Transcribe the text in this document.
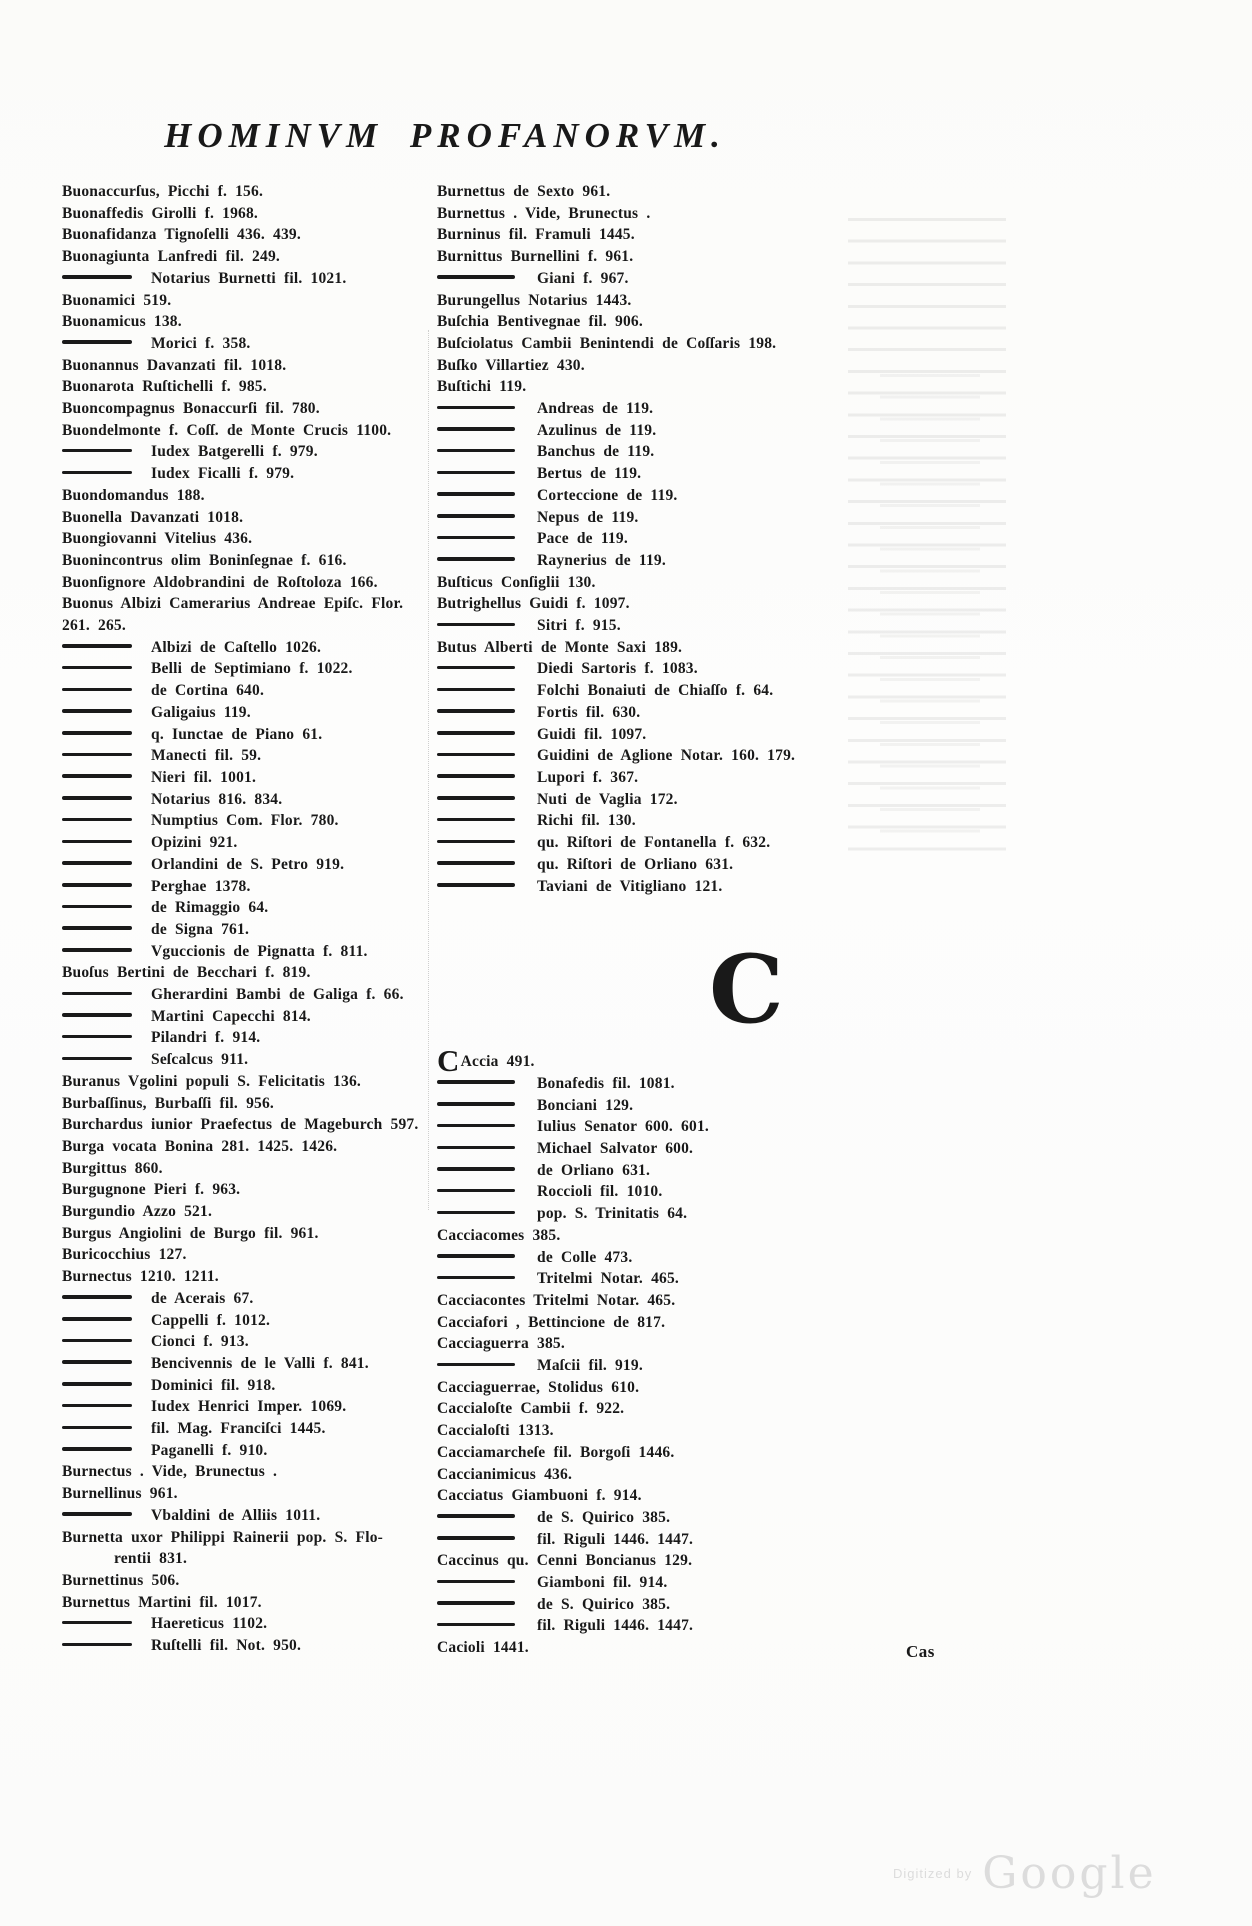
HOMINVM PROFANORVM.
Buonaccurſus, Picchi f. 156.
Buonaffedis Girolli f. 1968.
Buonafidanza Tignoſelli 436. 439.
Buonagiunta Lanfredi fil. 249.
Notarius Burnetti fil. 1021.
Buonamici 519.
Buonamicus 138.
Morici f. 358.
Buonannus Davanzati fil. 1018.
Buonarota Ruſtichelli f. 985.
Buoncompagnus Bonaccurſi fil. 780.
Buondelmonte f. Coſſ. de Monte Crucis 1100.
Iudex Batgerelli f. 979.
Iudex Ficalli f. 979.
Buondomandus 188.
Buonella Davanzati 1018.
Buongiovanni Vitelius 436.
Buonincontrus olim Boninſegnae f. 616.
Buonſignore Aldobrandini de Roſtoloza 166.
Buonus Albizi Camerarius Andreae Epiſc. Flor.
261. 265.
Albizi de Caſtello 1026.
Belli de Septimiano f. 1022.
de Cortina 640.
Galigaius 119.
q. Iunctae de Piano 61.
Manecti fil. 59.
Nieri fil. 1001.
Notarius 816. 834.
Numptius Com. Flor. 780.
Opizini 921.
Orlandini de S. Petro 919.
Perghae 1378.
de Rimaggio 64.
de Signa 761.
Vguccionis de Pignatta f. 811.
Buoſus Bertini de Becchari f. 819.
Gherardini Bambi de Galiga f. 66.
Martini Capecchi 814.
Pilandri f. 914.
Seſcalcus 911.
Buranus Vgolini populi S. Felicitatis 136.
Burbaſſinus, Burbaſſi fil. 956.
Burchardus iunior Praefectus de Mageburch 597.
Burga vocata Bonina 281. 1425. 1426.
Burgittus 860.
Burgugnone Pieri f. 963.
Burgundio Azzo 521.
Burgus Angiolini de Burgo fil. 961.
Buricocchius 127.
Burnectus 1210. 1211.
de Acerais 67.
Cappelli f. 1012.
Cionci f. 913.
Bencivennis de le Valli f. 841.
Dominici fil. 918.
Iudex Henrici Imper. 1069.
fil. Mag. Franciſci 1445.
Paganelli f. 910.
Burnectus . Vide, Brunectus .
Burnellinus 961.
Vbaldini de Alliis 1011.
Burnetta uxor Philippi Rainerii pop. S. Flo-
rentii 831.
Burnettinus 506.
Burnettus Martini fil. 1017.
Haereticus 1102.
Ruſtelli fil. Not. 950.
Burnettus de Sexto 961.
Burnettus . Vide, Brunectus .
Burninus fil. Framuli 1445.
Burnittus Burnellini f. 961.
Giani f. 967.
Burungellus Notarius 1443.
Buſchia Bentivegnae fil. 906.
Buſciolatus Cambii Benintendi de Coſſaris 198.
Buſko Villartiez 430.
Buſtichi 119.
Andreas de 119.
Azulinus de 119.
Banchus de 119.
Bertus de 119.
Corteccione de 119.
Nepus de 119.
Pace de 119.
Raynerius de 119.
Buſticus Conſiglii 130.
Butrighellus Guidi f. 1097.
Sitri f. 915.
Butus Alberti de Monte Saxi 189.
Diedi Sartoris f. 1083.
Folchi Bonaiuti de Chiaſſo f. 64.
Fortis fil. 630.
Guidi fil. 1097.
Guidini de Aglione Notar. 160. 179.
Lupori f. 367.
Nuti de Vaglia 172.
Richi fil. 130.
qu. Riſtori de Fontanella f. 632.
qu. Riſtori de Orliano 631.
Taviani de Vitigliano 121.
C
CAccia 491.
Bonafedis fil. 1081.
Bonciani 129.
Iulius Senator 600. 601.
Michael Salvator 600.
de Orliano 631.
Roccioli fil. 1010.
pop. S. Trinitatis 64.
Cacciacomes 385.
de Colle 473.
Tritelmi Notar. 465.
Cacciacontes Tritelmi Notar. 465.
Cacciafori , Bettincione de 817.
Cacciaguerra 385.
Maſcii fil. 919.
Cacciaguerrae, Stolidus 610.
Caccialoſte Cambii f. 922.
Caccialoſti 1313.
Cacciamarcheſe fil. Borgoſi 1446.
Caccianimicus 436.
Cacciatus Giambuoni f. 914.
de S. Quirico 385.
fil. Riguli 1446. 1447.
Caccinus qu. Cenni Boncianus 129.
Giamboni fil. 914.
de S. Quirico 385.
fil. Riguli 1446. 1447.
Cacioli 1441.	Cas
Digitized by Google
